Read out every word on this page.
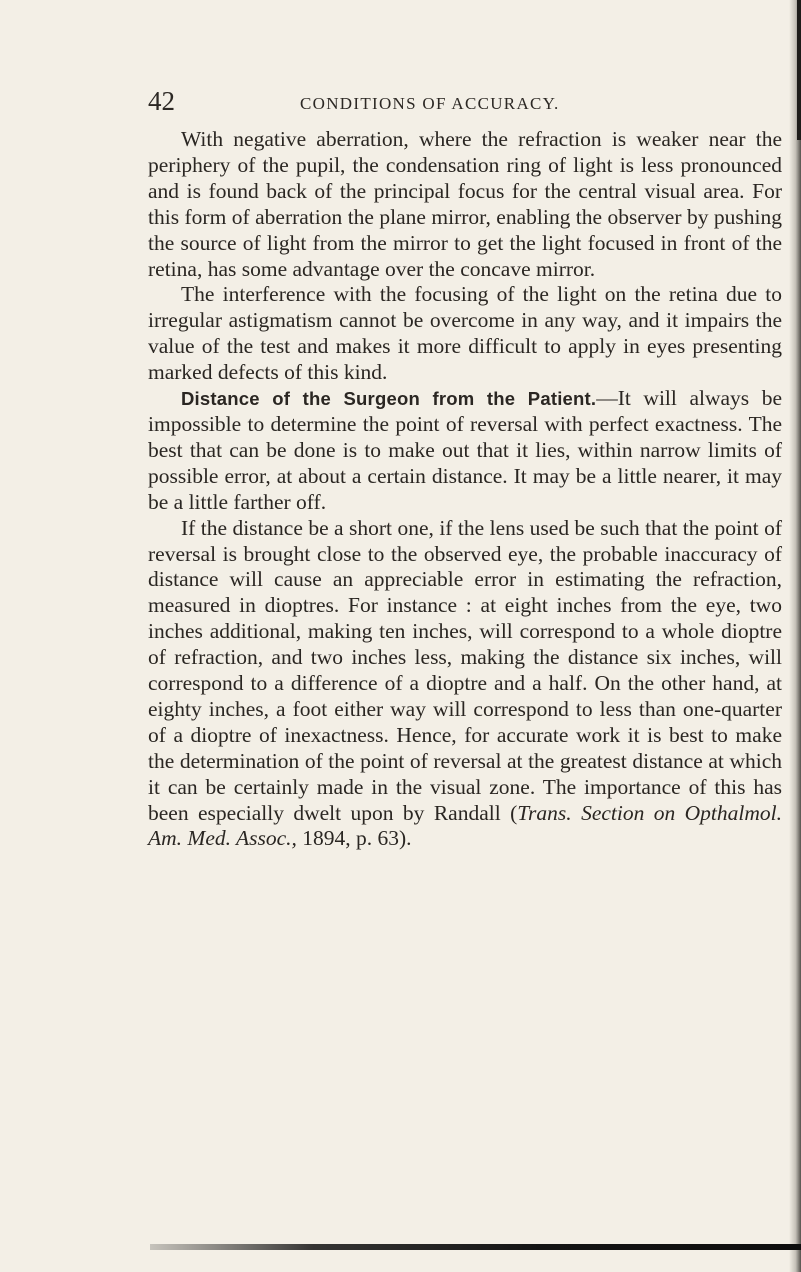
42	CONDITIONS OF ACCURACY.

With negative aberration, where the refraction is weaker near the periphery of the pupil, the condensation ring of light is less pronounced and is found back of the principal focus for the central visual area. For this form of aberration the plane mirror, enabling the observer by pushing the source of light from the mirror to get the light focused in front of the retina, has some advantage over the concave mirror.

The interference with the focusing of the light on the retina due to irregular astigmatism cannot be overcome in any way, and it impairs the value of the test and makes it more difficult to apply in eyes presenting marked defects of this kind.

Distance of the Surgeon from the Patient.—It will always be impossible to determine the point of reversal with perfect exactness. The best that can be done is to make out that it lies, within narrow limits of possible error, at about a certain distance. It may be a little nearer, it may be a little farther off.

If the distance be a short one, if the lens used be such that the point of reversal is brought close to the observed eye, the probable inaccuracy of distance will cause an appreciable error in estimating the refraction, measured in dioptres. For instance : at eight inches from the eye, two inches additional, making ten inches, will correspond to a whole dioptre of refraction, and two inches less, making the distance six inches, will correspond to a difference of a dioptre and a half. On the other hand, at eighty inches, a foot either way will correspond to less than one-quarter of a dioptre of inexactness. Hence, for accurate work it is best to make the determination of the point of reversal at the greatest distance at which it can be certainly made in the visual zone. The importance of this has been especially dwelt upon by Randall (Trans. Section on Opthalmol. Am. Med. Assoc., 1894, p. 63).
